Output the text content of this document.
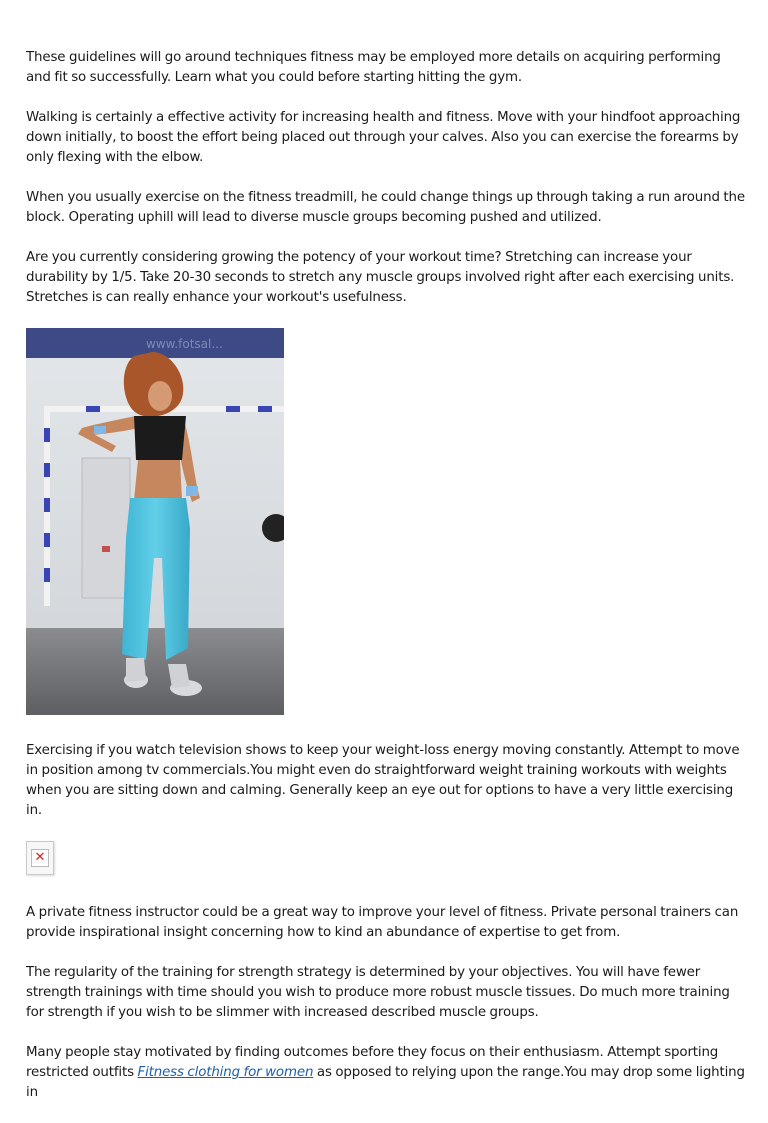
These guidelines will go around techniques fitness may be employed more details on acquiring performing and fit so successfully. Learn what you could before starting hitting the gym.

Walking is certainly a effective activity for increasing health and fitness. Move with your hindfoot approaching down initially, to boost the effort being placed out through your calves. Also you can exercise the forearms by only flexing with the elbow.

When you usually exercise on the fitness treadmill, he could change things up through taking a run around the block. Operating uphill will lead to diverse muscle groups becoming pushed and utilized.

Are you currently considering growing the potency of your workout time? Stretching can increase your durability by 1/5. Take 20-30 seconds to stretch any muscle groups involved right after each exercising units. Stretches is can really enhance your workout's usefulness.

www.fotsal...

Exercising if you watch television shows to keep your weight-loss energy moving constantly. Attempt to move in position among tv commercials.You might even do straightforward weight training workouts with weights when you are sitting down and calming. Generally keep an eye out for options to have a very little exercising in.

✕

A private fitness instructor could be a great way to improve your level of fitness. Private personal trainers can provide inspirational insight concerning how to kind an abundance of expertise to get from.

The regularity of the training for strength strategy is determined by your objectives. You will have fewer strength trainings with time should you wish to produce more robust muscle tissues. Do much more training for strength if you wish to be slimmer with increased described muscle groups.

Many people stay motivated by finding outcomes before they focus on their enthusiasm. Attempt sporting restricted outfits Fitness clothing for women as opposed to relying upon the range.You may drop some lighting in
